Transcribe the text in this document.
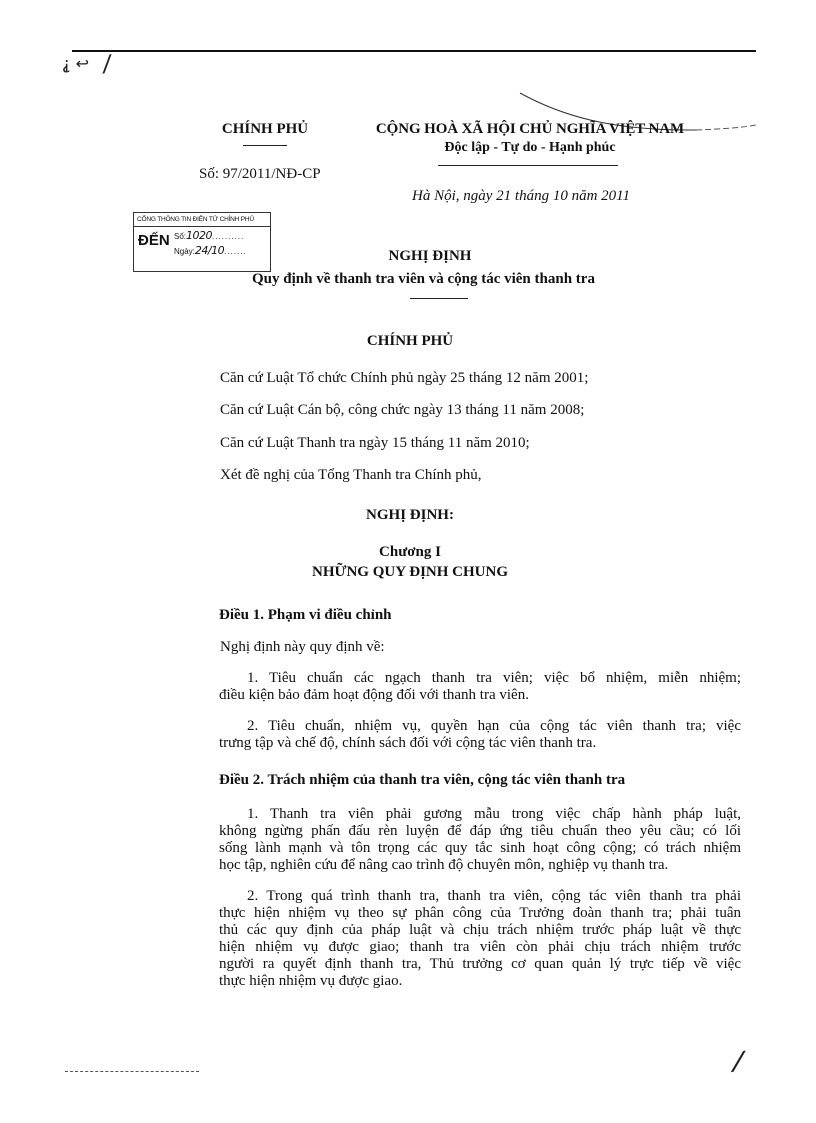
⸘ ↩ ⟋
CHÍNH PHỦ
Số: 97/2011/NĐ-CP
CỘNG HOÀ XÃ HỘI CHỦ NGHĨA VIỆT NAM
Độc lập - Tự do - Hạnh phúc
Hà Nội, ngày 21 tháng 10 năm 2011
CỔNG THÔNG TIN ĐIỆN TỬ CHÍNH PHỦ
ĐẾN Số:1020..........
Ngày:24/10.......	NGHỊ ĐỊNH
Quy định về thanh tra viên và cộng tác viên thanh tra
CHÍNH PHỦ
Căn cứ Luật Tổ chức Chính phủ ngày 25 tháng 12 năm 2001;
Căn cứ Luật Cán bộ, công chức ngày 13 tháng 11 năm 2008;
Căn cứ Luật Thanh tra ngày 15 tháng 11 năm 2010;
Xét đề nghị của Tổng Thanh tra Chính phủ,
NGHỊ ĐỊNH:
Chương I
NHỮNG QUY ĐỊNH CHUNG
Điều 1. Phạm vi điều chỉnh
Nghị định này quy định về:
1. Tiêu chuẩn các ngạch thanh tra viên; việc bổ nhiệm, miễn nhiệm;
điều kiện bảo đảm hoạt động đối với thanh tra viên.
2. Tiêu chuẩn, nhiệm vụ, quyền hạn của cộng tác viên thanh tra; việc
trưng tập và chế độ, chính sách đối với cộng tác viên thanh tra.
Điều 2. Trách nhiệm của thanh tra viên, cộng tác viên thanh tra
1. Thanh tra viên phải gương mẫu trong việc chấp hành pháp luật,
không ngừng phấn đấu rèn luyện để đáp ứng tiêu chuẩn theo yêu cầu; có lối
sống lành mạnh và tôn trọng các quy tắc sinh hoạt công cộng; có trách nhiệm
học tập, nghiên cứu để nâng cao trình độ chuyên môn, nghiệp vụ thanh tra.
2. Trong quá trình thanh tra, thanh tra viên, cộng tác viên thanh tra phải
thực hiện nhiệm vụ theo sự phân công của Trưởng đoàn thanh tra; phải tuân
thủ các quy định của pháp luật và chịu trách nhiệm trước pháp luật về thực
hiện nhiệm vụ được giao; thanh tra viên còn phải chịu trách nhiệm trước
người ra quyết định thanh tra, Thủ trưởng cơ quan quản lý trực tiếp về việc
thực hiện nhiệm vụ được giao.
⟋
